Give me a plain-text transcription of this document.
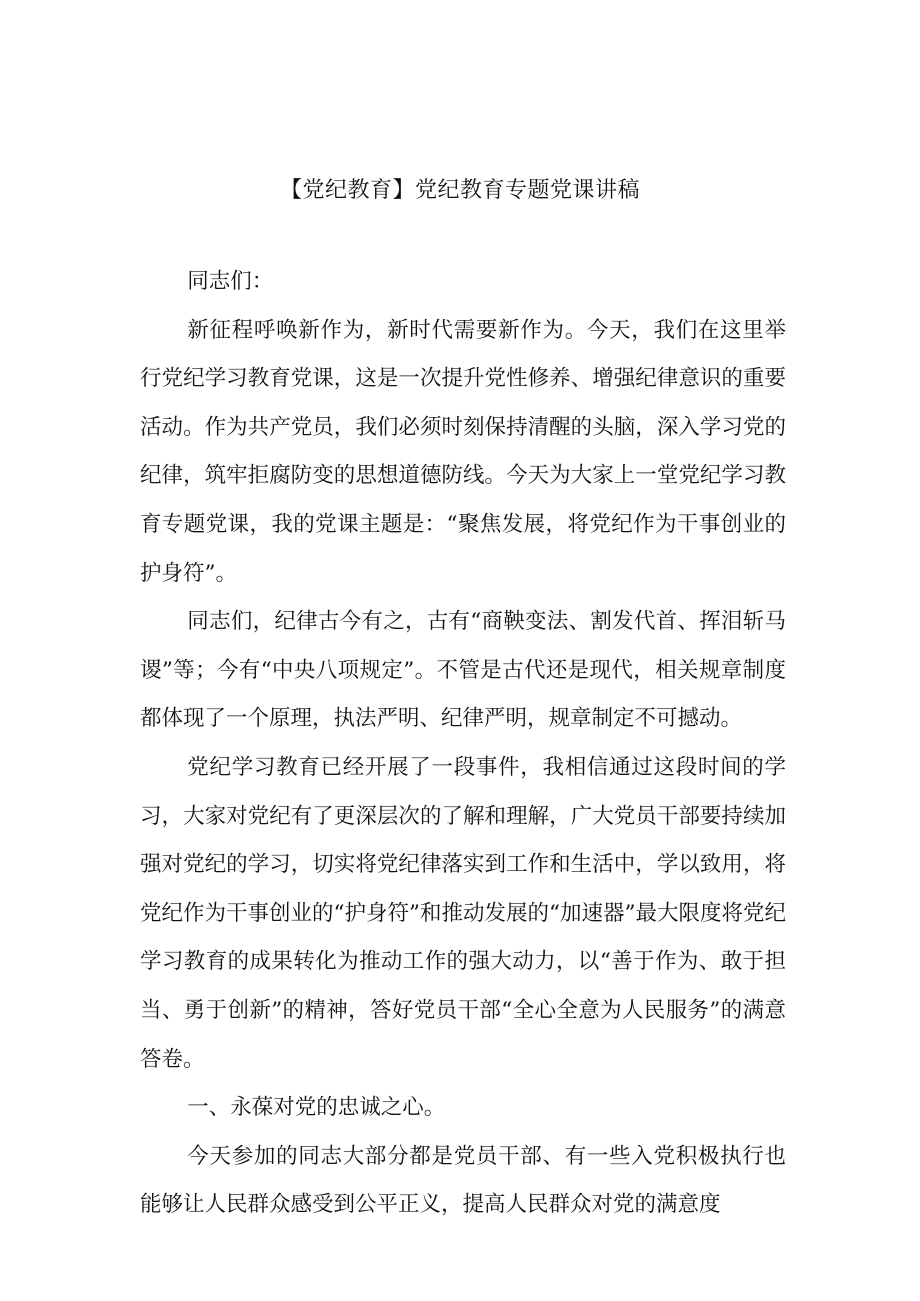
【党纪教育】党纪教育专题党课讲稿

同志们：

新征程呼唤新作为，新时代需要新作为。今天，我们在这里举行党纪学习教育党课，这是一次提升党性修养、增强纪律意识的重要活动。作为共产党员，我们必须时刻保持清醒的头脑，深入学习党的纪律，筑牢拒腐防变的思想道德防线。今天为大家上一堂党纪学习教育专题党课，我的党课主题是：“聚焦发展，将党纪作为干事创业的护身符”。

同志们，纪律古今有之，古有“商鞅变法、割发代首、挥泪斩马谡”等；今有“中央八项规定”。不管是古代还是现代，相关规章制度都体现了一个原理，执法严明、纪律严明，规章制定不可撼动。

党纪学习教育已经开展了一段事件，我相信通过这段时间的学习，大家对党纪有了更深层次的了解和理解，广大党员干部要持续加强对党纪的学习，切实将党纪律落实到工作和生活中，学以致用，将党纪作为干事创业的“护身符”和推动发展的“加速器”最大限度将党纪学习教育的成果转化为推动工作的强大动力，以“善于作为、敢于担当、勇于创新”的精神，答好党员干部“全心全意为人民服务”的满意答卷。

一、永葆对党的忠诚之心。

今天参加的同志大部分都是党员干部、有一些入党积极执行也能够让人民群众感受到公平正义，提高人民群众对党的满意度
